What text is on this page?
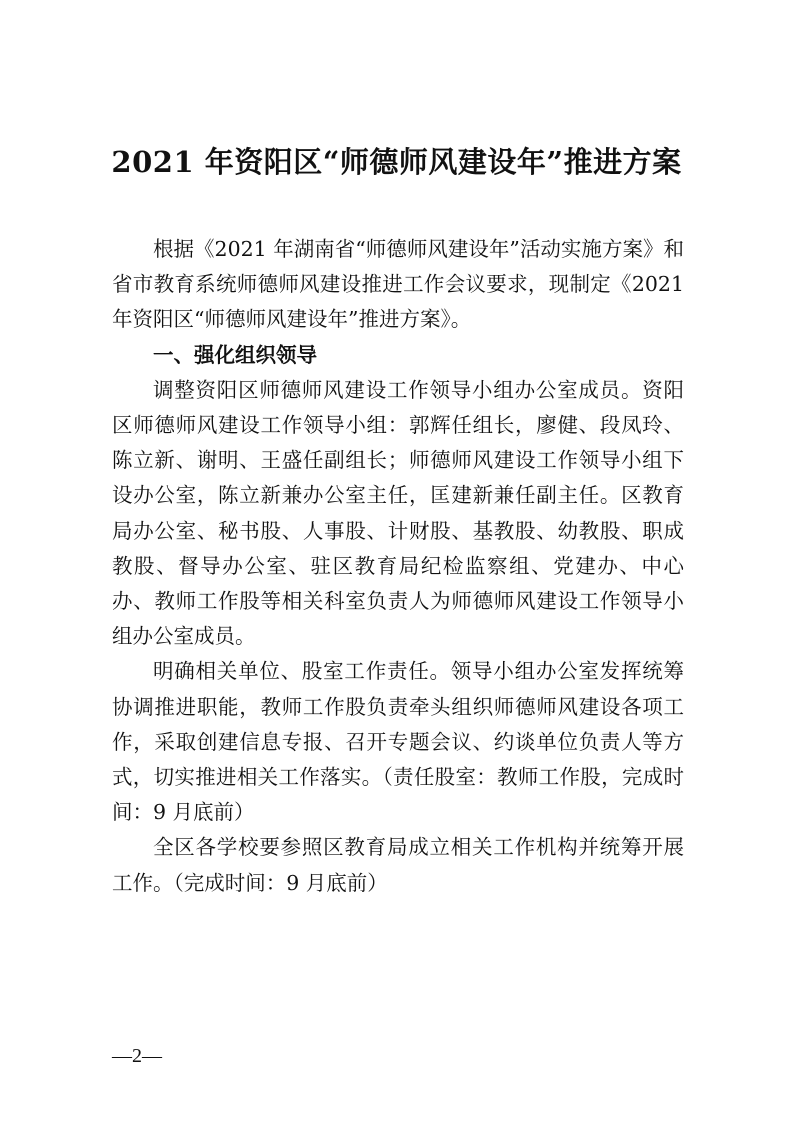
2021 年资阳区“师德师风建设年”推进方案

根据《2021 年湖南省“师德师风建设年”活动实施方案》和省市教育系统师德师风建设推进工作会议要求，现制定《2021 年资阳区“师德师风建设年”推进方案》。

一、强化组织领导

调整资阳区师德师风建设工作领导小组办公室成员。资阳区师德师风建设工作领导小组：郭辉任组长，廖健、段凤玲、陈立新、谢明、王盛任副组长；师德师风建设工作领导小组下设办公室，陈立新兼办公室主任，匡建新兼任副主任。区教育局办公室、秘书股、人事股、计财股、基教股、幼教股、职成教股、督导办公室、驻区教育局纪检监察组、党建办、中心办、教师工作股等相关科室负责人为师德师风建设工作领导小组办公室成员。

明确相关单位、股室工作责任。领导小组办公室发挥统筹协调推进职能，教师工作股负责牵头组织师德师风建设各项工作，采取创建信息专报、召开专题会议、约谈单位负责人等方式，切实推进相关工作落实。（责任股室：教师工作股，完成时间：9 月底前）

全区各学校要参照区教育局成立相关工作机构并统筹开展工作。（完成时间：9 月底前）

—2—
